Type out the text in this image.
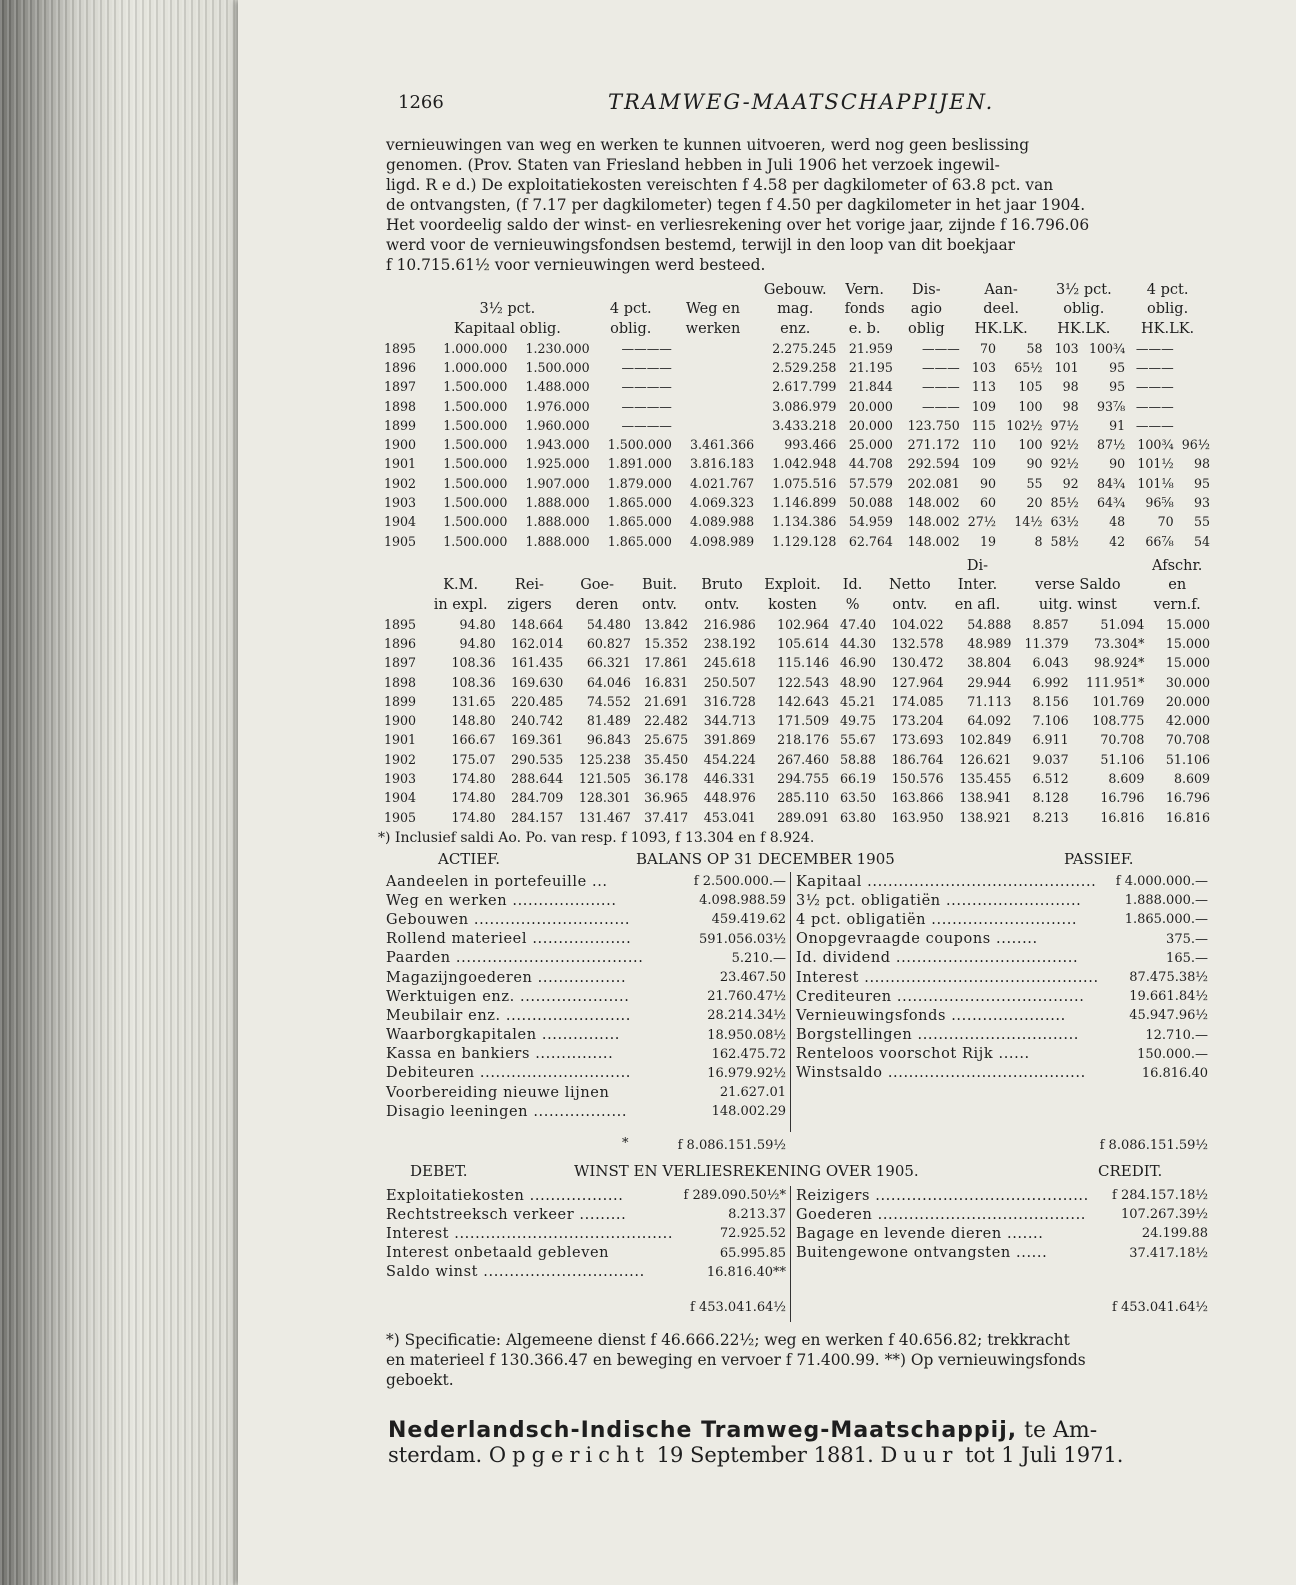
1266	TRAMWEG-MAATSCHAPPIJEN.

vernieuwingen van weg en werken te kunnen uitvoeren, werd nog geen beslissing

genomen. (Prov. Staten van Friesland hebben in Juli 1906 het verzoek ingewil-

ligd. R e d.) De exploitatiekosten vereischten f 4.58 per dagkilometer of 63.8 pct. van

de ontvangsten, (f 7.17 per dagkilometer) tegen f 4.50 per dagkilometer in het jaar 1904.

Het voordeelig saldo der winst- en verliesrekening over het vorige jaar, zijnde f 16.796.06

werd voor de vernieuwingsfondsen bestemd, terwijl in den loop van dit boekjaar

f 10.715.61½ voor vernieuwingen werd besteed.

					Gebouw.	Vern.	Dis-	Aan-		3½ pct.		4 pct.	
	3½ pct.		4 pct.	Weg en	mag.	fonds	agio	deel.		oblig.		oblig.	
	Kapitaal oblig.		oblig.	werken	enz.	e. b.	oblig	HK.LK.		HK.LK.		HK.LK.	
1895	1.000.000	1.230.000	————		2.275.245	21.959	———	70	58	103	100¾	———	
1896	1.000.000	1.500.000	————		2.529.258	21.195	———	103	65½	101	95	———	
1897	1.500.000	1.488.000	————		2.617.799	21.844	———	113	105	98	95	———	
1898	1.500.000	1.976.000	————		3.086.979	20.000	———	109	100	98	93⅞	———	
1899	1.500.000	1.960.000	————		3.433.218	20.000	123.750	115	102½	97½	91	———	
1900	1.500.000	1.943.000	1.500.000	3.461.366	993.466	25.000	271.172	110	100	92½	87½	100¾	96½
1901	1.500.000	1.925.000	1.891.000	3.816.183	1.042.948	44.708	292.594	109	90	92½	90	101½	98
1902	1.500.000	1.907.000	1.879.000	4.021.767	1.075.516	57.579	202.081	90	55	92	84¾	101⅛	95
1903	1.500.000	1.888.000	1.865.000	4.069.323	1.146.899	50.088	148.002	60	20	85½	64¾	96⅝	93
1904	1.500.000	1.888.000	1.865.000	4.089.988	1.134.386	54.959	148.002	27½	14½	63½	48	70	55
1905	1.500.000	1.888.000	1.865.000	4.098.989	1.129.128	62.764	148.002	19	8	58½	42	66⅞	54
									Di-			Afschr.
	K.M.	Rei-	Goe-	Buit.	Bruto	Exploit.	Id.	Netto	Inter.	verse Saldo		en
	in expl.	zigers	deren	ontv.	ontv.	kosten	%	ontv.	en afl.	uitg. winst		vern.f.
1895	94.80	148.664	54.480	13.842	216.986	102.964	47.40	104.022	54.888	8.857	51.094	15.000
1896	94.80	162.014	60.827	15.352	238.192	105.614	44.30	132.578	48.989	11.379	73.304*	15.000
1897	108.36	161.435	66.321	17.861	245.618	115.146	46.90	130.472	38.804	6.043	98.924*	15.000
1898	108.36	169.630	64.046	16.831	250.507	122.543	48.90	127.964	29.944	6.992	111.951*	30.000
1899	131.65	220.485	74.552	21.691	316.728	142.643	45.21	174.085	71.113	8.156	101.769	20.000
1900	148.80	240.742	81.489	22.482	344.713	171.509	49.75	173.204	64.092	7.106	108.775	42.000
1901	166.67	169.361	96.843	25.675	391.869	218.176	55.67	173.693	102.849	6.911	70.708	70.708
1902	175.07	290.535	125.238	35.450	454.224	267.460	58.88	186.764	126.621	9.037	51.106	51.106
1903	174.80	288.644	121.505	36.178	446.331	294.755	66.19	150.576	135.455	6.512	8.609	8.609
1904	174.80	284.709	128.301	36.965	448.976	285.110	63.50	163.866	138.941	8.128	16.796	16.796
1905	174.80	284.157	131.467	37.417	453.041	289.091	63.80	163.950	138.921	8.213	16.816	16.816
*) Inclusief saldi Ao. Po. van resp. f 1093, f 13.304 en f 8.924.
ACTIEF.	BALANS OP 31 DECEMBER 1905	PASSIEF.
Aandeelen in portefeuille ...	f 2.500.000.—
Weg en werken ....................	4.098.988.59
Gebouwen ..............................	459.419.62
Rollend materieel ...................	591.056.03½
Paarden ....................................	5.210.—
Magazijngoederen .................	23.467.50
Werktuigen enz. .....................	21.760.47½
Meubilair enz. ........................	28.214.34½
Waarborgkapitalen ...............	18.950.08½
Kassa en bankiers ...............	162.475.72
Debiteuren .............................	16.979.92½
Voorbereiding nieuwe lijnen	21.627.01
Disagio leeningen ..................	148.002.29
Kapitaal ............................................	f 4.000.000.—
3½ pct. obligatiën ..........................	1.888.000.—
4 pct. obligatiën ............................	1.865.000.—
Onopgevraagde coupons ........	375.—
Id. dividend ...................................	165.—
Interest .............................................	87.475.38½
Crediteuren ....................................	19.661.84½
Vernieuwingsfonds ......................	45.947.96½
Borgstellingen ...............................	12.710.—
Renteloos voorschot Rijk ......	150.000.—
Winstsaldo ......................................	16.816.40
*	f 8.086.151.59½	f 8.086.151.59½
DEBET.	WINST EN VERLIESREKENING OVER 1905.	CREDIT.
Exploitatiekosten ..................	f 289.090.50½*
Rechtstreeksch verkeer .........	8.213.37
Interest ..........................................	72.925.52
Interest onbetaald gebleven	65.995.85
Saldo winst ...............................	16.816.40**
Reizigers .........................................	f 284.157.18½
Goederen ........................................	107.267.39½
Bagage en levende dieren .......	24.199.88
Buitengewone ontvangsten ......	37.417.18½
f 453.041.64½	f 453.041.64½
*) Specificatie: Algemeene dienst f 46.666.22½; weg en werken f 40.656.82; trekkracht
en materieel f 130.366.47 en beweging en vervoer f 71.400.99. **) Op vernieuwingsfonds
geboekt.
Nederlandsch-Indische Tramweg-Maatschappij, te Am-
sterdam. Opgericht 19 September 1881. Duur tot 1 Juli 1971.
